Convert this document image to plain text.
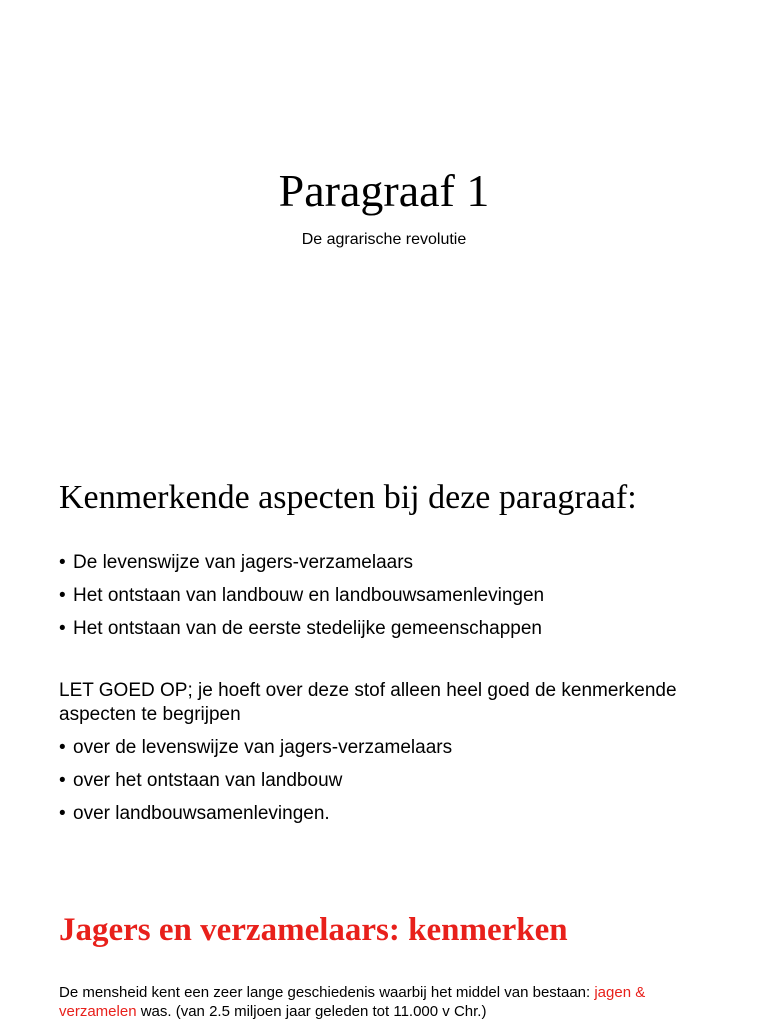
Paragraaf 1

De agrarische revolutie

Kenmerkende aspecten bij deze paragraaf:
• De levenswijze van jagers-verzamelaars
• Het ontstaan van landbouw en landbouwsamenlevingen
• Het ontstaan van de eerste stedelijke gemeenschappen

LET GOED OP; je hoeft over deze stof alleen heel goed de kenmerkende aspecten te begrijpen

• over de levenswijze van jagers-verzamelaars
• over het ontstaan van landbouw
• over landbouwsamenlevingen.
Jagers en verzamelaars: kenmerken

De mensheid kent een zeer lange geschiedenis waarbij het middel van bestaan: jagen & verzamelen was. (van 2.5 miljoen jaar geleden tot 11.000 v Chr.)
